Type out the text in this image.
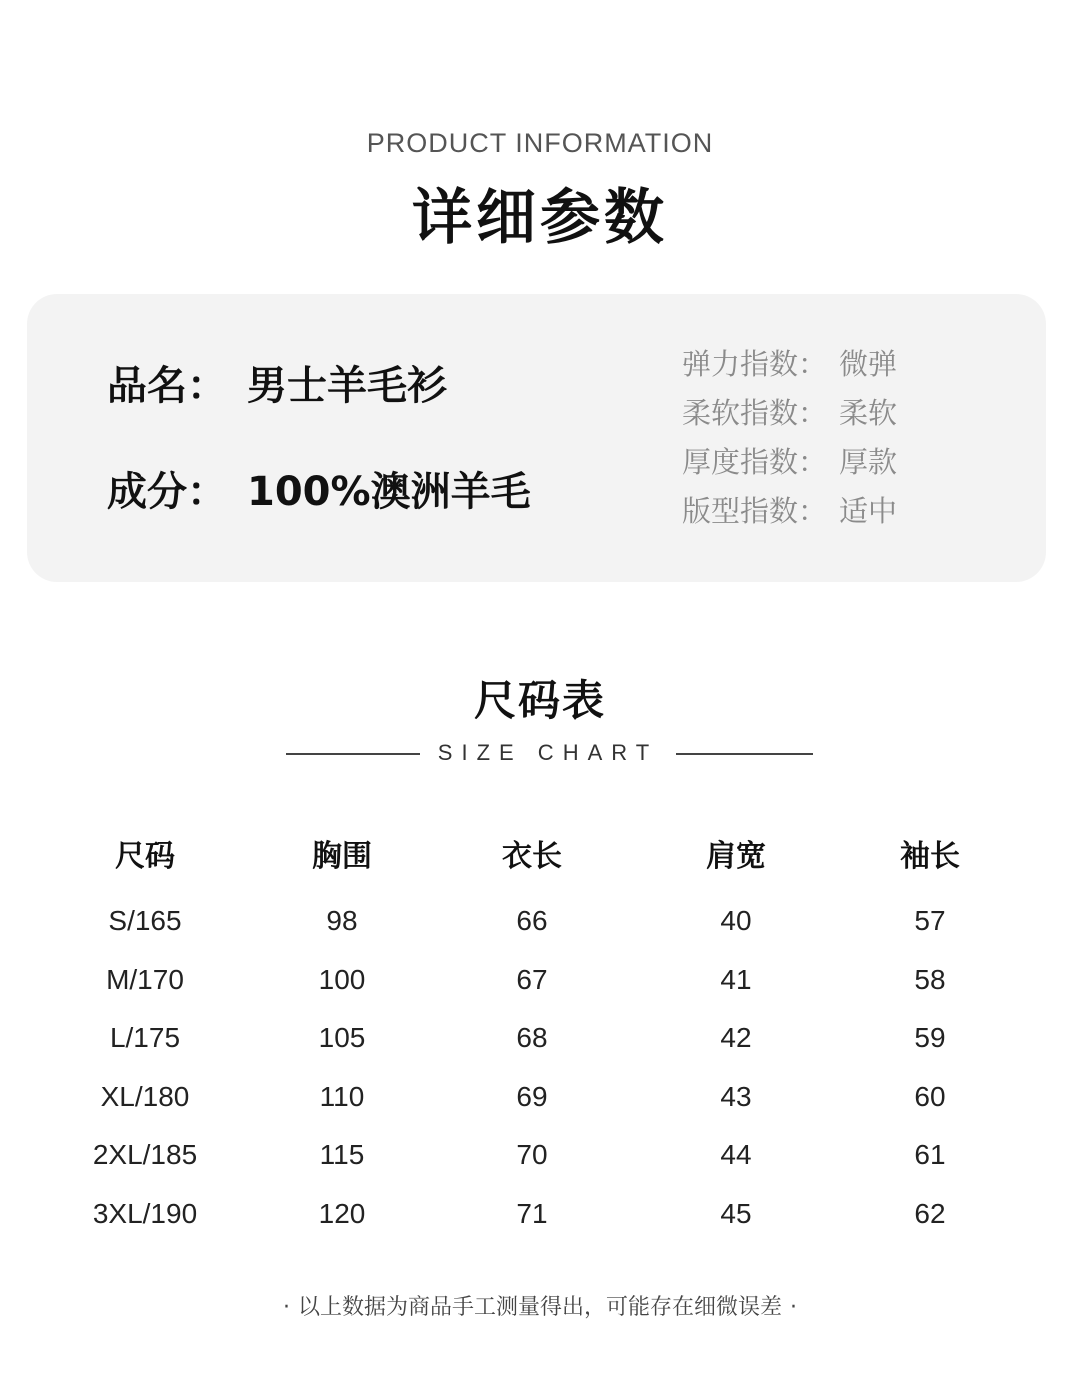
PRODUCT INFORMATION
详细参数
品名： 男士羊毛衫
成分： 100%澳洲羊毛
弹力指数： 微弹
柔软指数： 柔软
厚度指数： 厚款
版型指数： 适中
尺码表
SIZE CHART
尺码	胸围	衣长	肩宽	袖长
S/165	98	66	40	57
M/170	100	67	41	58
L/175	105	68	42	59
XL/180	110	69	43	60
2XL/185	115	70	44	61
3XL/190	120	71	45	62
· 以上数据为商品手工测量得出，可能存在细微误差 ·
